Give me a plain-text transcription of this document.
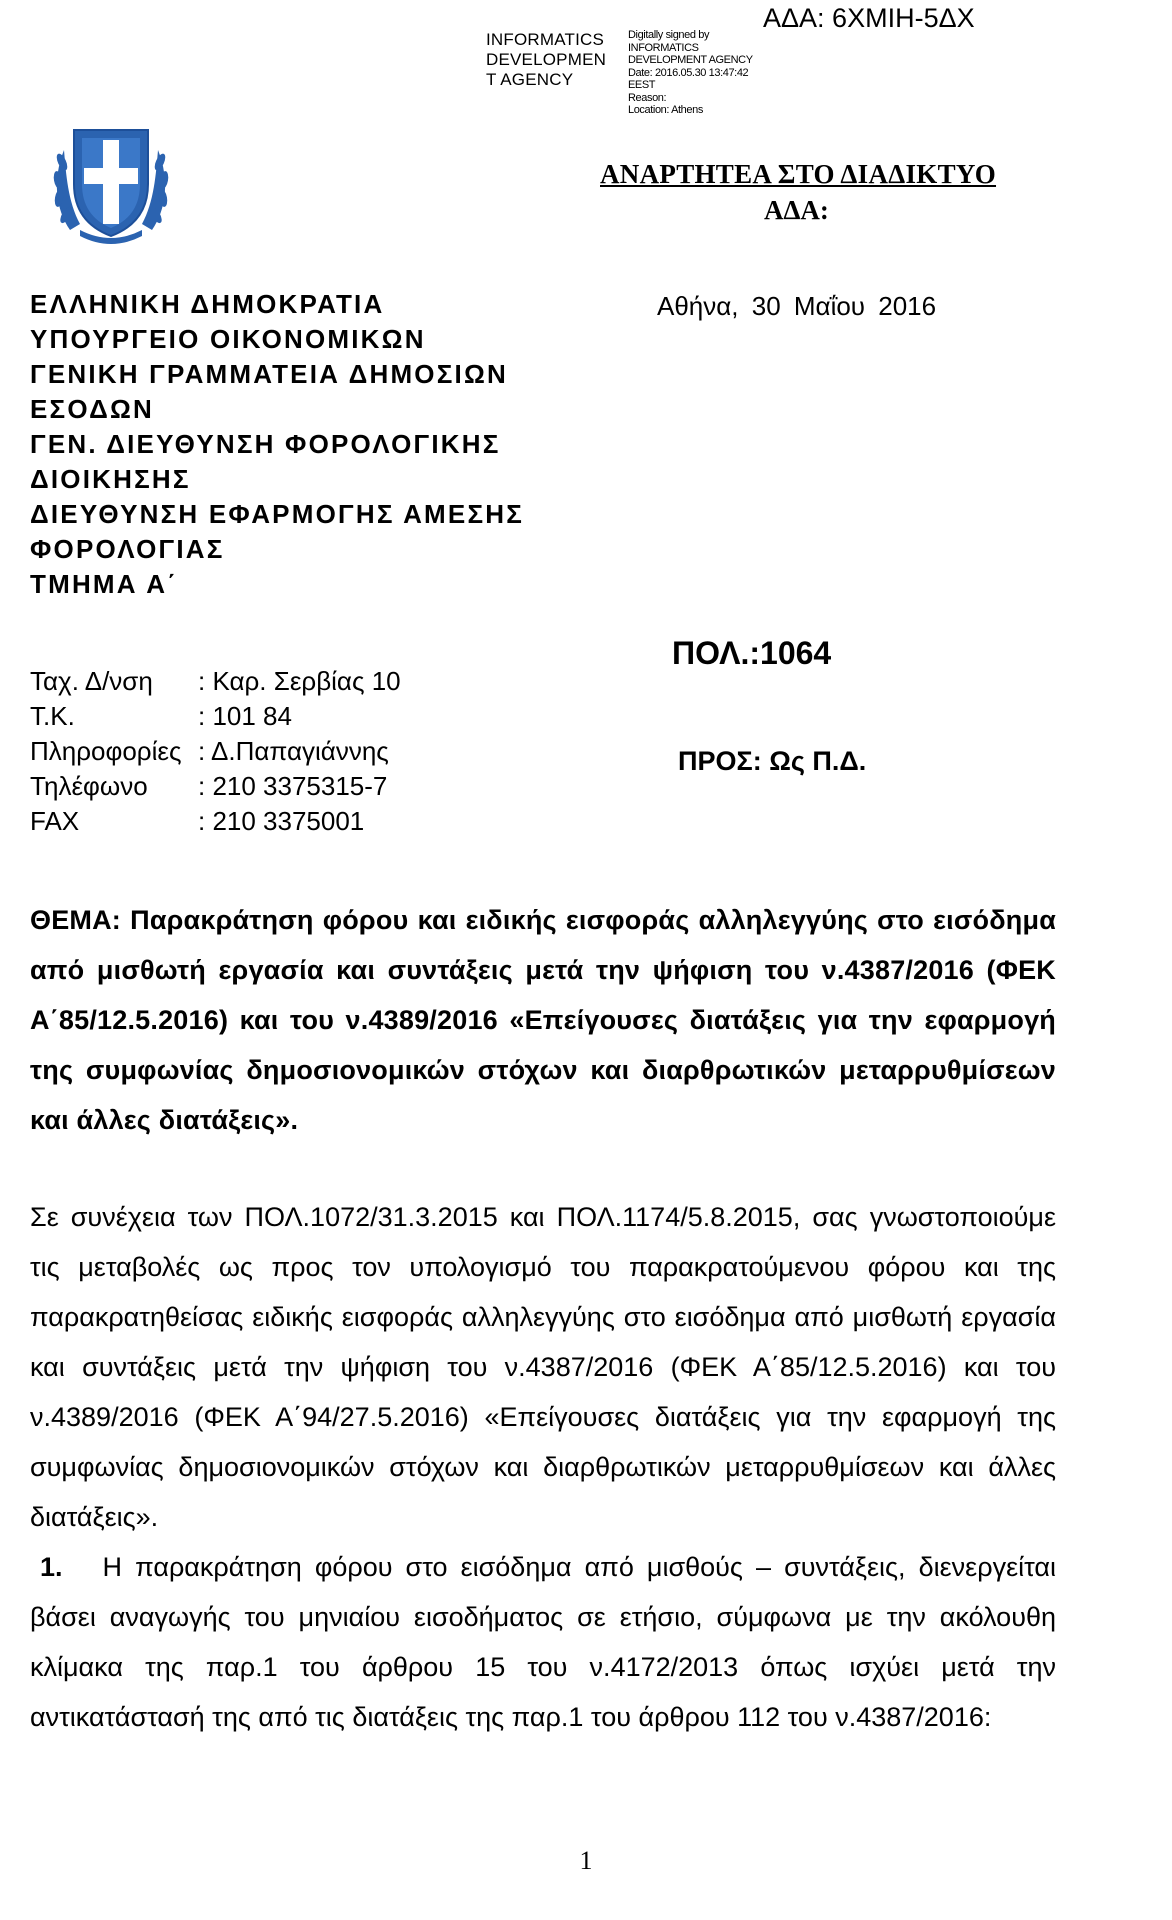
INFORMATICS
DEVELOPMEN
T AGENCY
Digitally signed by
INFORMATICS
DEVELOPMENT AGENCY
Date: 2016.05.30 13:47:42
EEST
Reason:
Location: Athens
ΑΔΑ: 6ΧΜΙΗ-5ΔΧ
ΑΝΑΡΤΗΤΕΑ ΣΤΟ ΔΙΑΔΙΚΤΥΟ
ΑΔΑ:
ΕΛΛΗΝΙΚΗ ΔΗΜΟΚΡΑΤΙΑ
ΥΠΟΥΡΓΕΙΟ ΟΙΚΟΝΟΜΙΚΩΝ
ΓΕΝΙΚΗ ΓΡΑΜΜΑΤΕΙΑ ΔΗΜΟΣΙΩΝ
ΕΣΟΔΩΝ
ΓΕΝ. ΔΙΕΥΘΥΝΣΗ ΦΟΡΟΛΟΓΙΚΗΣ
ΔΙΟΙΚΗΣΗΣ
ΔΙΕΥΘΥΝΣΗ ΕΦΑΡΜΟΓΗΣ ΑΜΕΣΗΣ
ΦΟΡΟΛΟΓΙΑΣ
ΤΜΗΜΑ Α΄
Αθήνα, 30 Μαΐου 2016
Ταχ. Δ/νση	: Καρ. Σερβίας 10
Τ.Κ.	: 101 84
Πληροφορίες : Δ.Παπαγιάννης
Τηλέφωνο	: 210 3375315-7
FAX	: 210 3375001
ΠΟΛ.:1064
ΠΡΟΣ: Ως Π.Δ.
ΘΕΜΑ: Παρακράτηση φόρου και ειδικής εισφοράς αλληλεγγύης στο εισόδημα από μισθωτή εργασία και συντάξεις μετά την ψήφιση του ν.4387/2016 (ΦΕΚ Α΄85/12.5.2016) και του ν.4389/2016 «Επείγουσες διατάξεις για την εφαρμογή της συμφωνίας δημοσιονομικών στόχων και διαρθρωτικών μεταρρυθμίσεων και άλλες διατάξεις».

Σε συνέχεια των ΠΟΛ.1072/31.3.2015 και ΠΟΛ.1174/5.8.2015, σας γνωστοποιούμε τις μεταβολές ως προς τον υπολογισμό του παρακρατούμενου φόρου και της παρακρατηθείσας ειδικής εισφοράς αλληλεγγύης στο εισόδημα από μισθωτή εργασία και συντάξεις μετά την ψήφιση του ν.4387/2016 (ΦΕΚ Α΄85/12.5.2016) και του ν.4389/2016 (ΦΕΚ Α΄94/27.5.2016) «Επείγουσες διατάξεις για την εφαρμογή της συμφωνίας δημοσιονομικών στόχων και διαρθρωτικών μεταρρυθμίσεων και άλλες διατάξεις».

1. Η παρακράτηση φόρου στο εισόδημα από μισθούς – συντάξεις, διενεργείται βάσει αναγωγής του μηνιαίου εισοδήματος σε ετήσιο, σύμφωνα με την ακόλουθη κλίμακα της παρ.1 του άρθρου 15 του ν.4172/2013 όπως ισχύει μετά την αντικατάστασή της από τις διατάξεις της παρ.1 του άρθρου 112 του ν.4387/2016:

1
